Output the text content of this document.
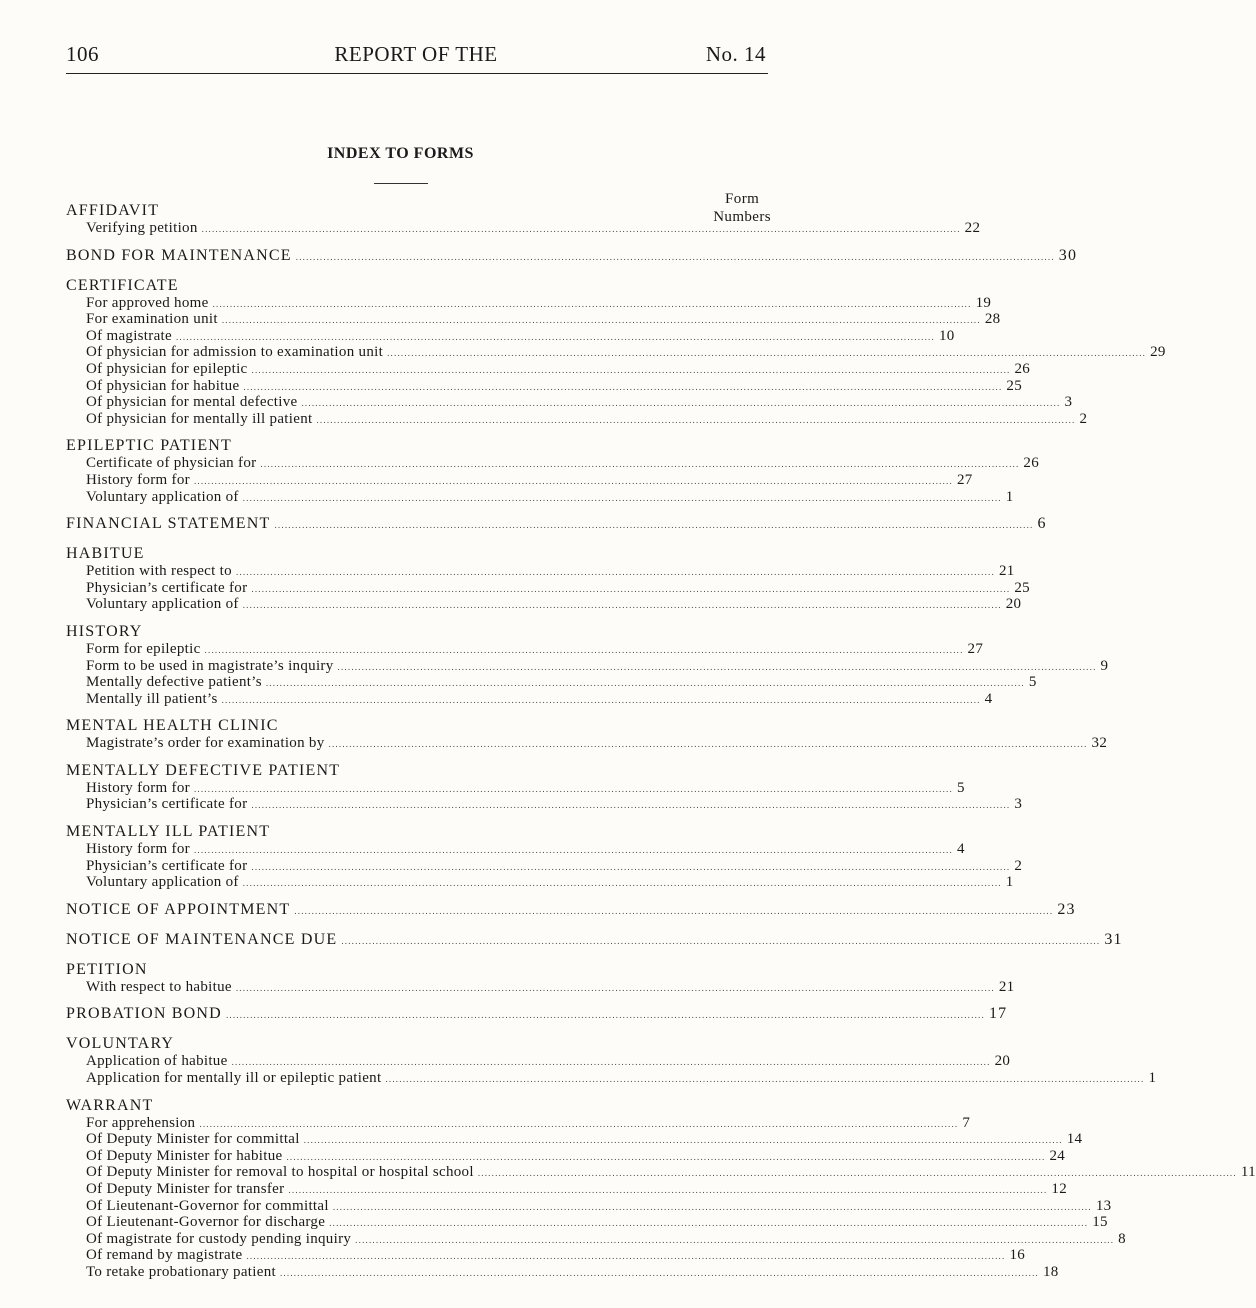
106	REPORT OF THE	No. 14
INDEX TO FORMS
Form
Numbers
AFFIDAVIT
Verifying petition ............................................................................................................................................................................................................................ 22
BOND FOR MAINTENANCE ............................................................................................................................................................................................................................ 30
CERTIFICATE
For approved home ............................................................................................................................................................................................................................ 19
For examination unit ............................................................................................................................................................................................................................ 28
Of magistrate ............................................................................................................................................................................................................................ 10
Of physician for admission to examination unit ............................................................................................................................................................................................................................ 29
Of physician for epileptic ............................................................................................................................................................................................................................ 26
Of physician for habitue ............................................................................................................................................................................................................................ 25
Of physician for mental defective ............................................................................................................................................................................................................................ 3
Of physician for mentally ill patient ............................................................................................................................................................................................................................ 2
EPILEPTIC PATIENT
Certificate of physician for ............................................................................................................................................................................................................................ 26
History form for ............................................................................................................................................................................................................................ 27
Voluntary application of ............................................................................................................................................................................................................................ 1
FINANCIAL STATEMENT ............................................................................................................................................................................................................................ 6
HABITUE
Petition with respect to ............................................................................................................................................................................................................................ 21
Physician’s certificate for ............................................................................................................................................................................................................................ 25
Voluntary application of ............................................................................................................................................................................................................................ 20
HISTORY
Form for epileptic ............................................................................................................................................................................................................................ 27
Form to be used in magistrate’s inquiry ............................................................................................................................................................................................................................ 9
Mentally defective patient’s ............................................................................................................................................................................................................................ 5
Mentally ill patient’s ............................................................................................................................................................................................................................ 4
MENTAL HEALTH CLINIC
Magistrate’s order for examination by ............................................................................................................................................................................................................................ 32
MENTALLY DEFECTIVE PATIENT
History form for ............................................................................................................................................................................................................................ 5
Physician’s certificate for ............................................................................................................................................................................................................................ 3
MENTALLY ILL PATIENT
History form for ............................................................................................................................................................................................................................ 4
Physician’s certificate for ............................................................................................................................................................................................................................ 2
Voluntary application of ............................................................................................................................................................................................................................ 1
NOTICE OF APPOINTMENT ............................................................................................................................................................................................................................ 23
NOTICE OF MAINTENANCE DUE ............................................................................................................................................................................................................................ 31
PETITION
With respect to habitue ............................................................................................................................................................................................................................ 21
PROBATION BOND ............................................................................................................................................................................................................................ 17
VOLUNTARY
Application of habitue ............................................................................................................................................................................................................................ 20
Application for mentally ill or epileptic patient ............................................................................................................................................................................................................................ 1
WARRANT
For apprehension ............................................................................................................................................................................................................................ 7
Of Deputy Minister for committal ............................................................................................................................................................................................................................ 14
Of Deputy Minister for habitue ............................................................................................................................................................................................................................ 24
Of Deputy Minister for removal to hospital or hospital school ............................................................................................................................................................................................................................ 11
Of Deputy Minister for transfer ............................................................................................................................................................................................................................ 12
Of Lieutenant-Governor for committal ............................................................................................................................................................................................................................ 13
Of Lieutenant-Governor for discharge ............................................................................................................................................................................................................................ 15
Of magistrate for custody pending inquiry ............................................................................................................................................................................................................................ 8
Of remand by magistrate ............................................................................................................................................................................................................................ 16
To retake probationary patient ............................................................................................................................................................................................................................ 18
